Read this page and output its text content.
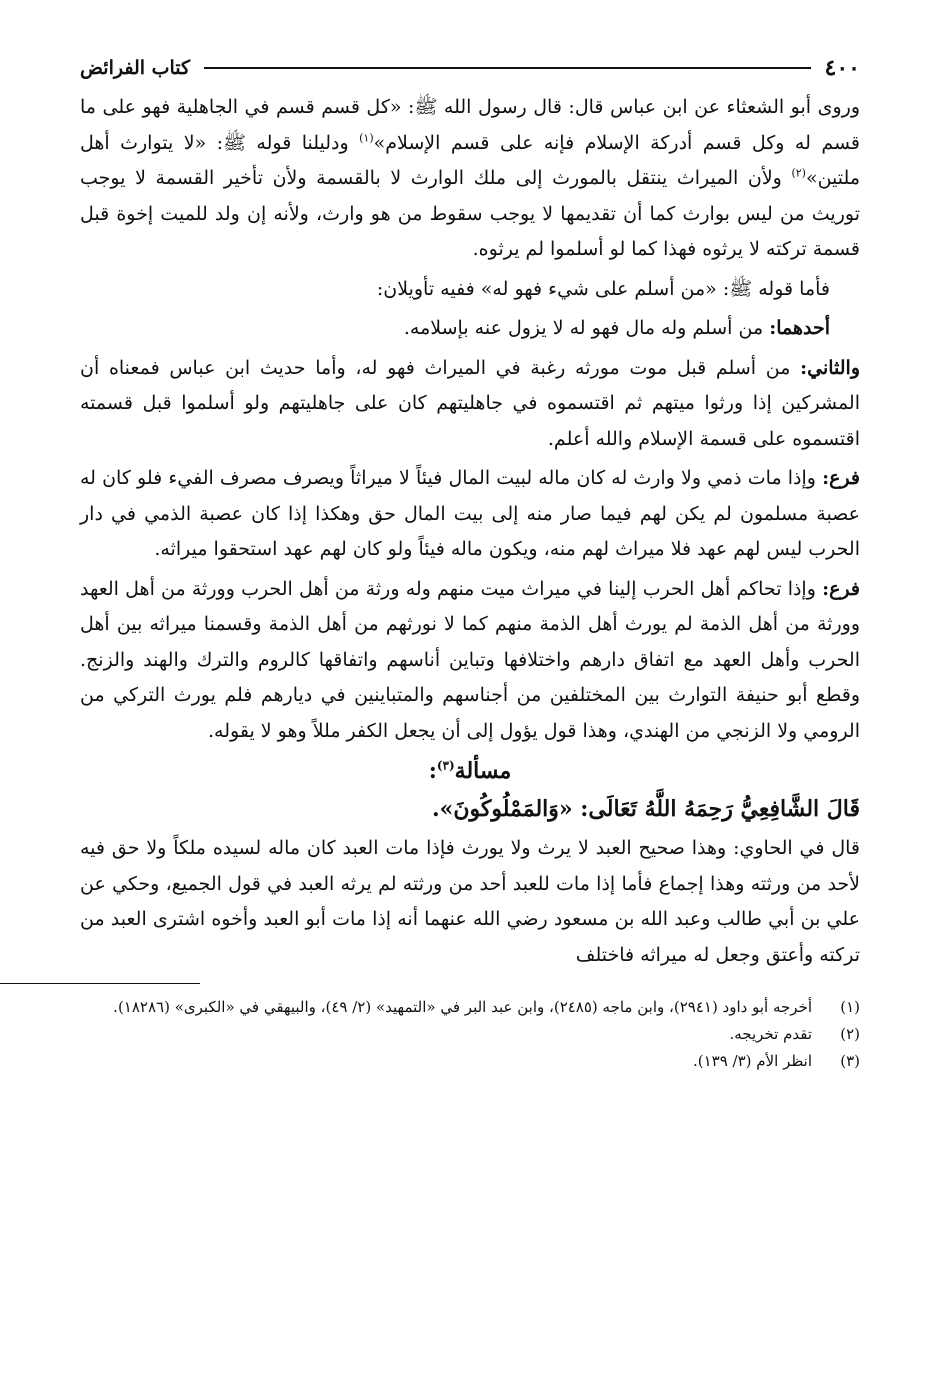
٤٠٠
كتاب الفرائض

وروى أبو الشعثاء عن ابن عباس قال: قال رسول الله ﷺ: «كل قسم قسم في الجاهلية فهو على ما قسم له وكل قسم أدركة الإسلام فإنه على قسم الإسلام»$^{(١)}$ ودليلنا قوله ﷺ: «لا يتوارث أهل ملتين»$^{(٢)}$ ولأن الميراث ينتقل بالمورث إلى ملك الوارث لا بالقسمة ولأن تأخير القسمة لا يوجب توريث من ليس بوارث كما أن تقديمها لا يوجب سقوط من هو وارث، ولأنه إن ولد للميت إخوة قبل قسمة تركته لا يرثوه فهذا كما لو أسلموا لم يرثوه.

فأما قوله ﷺ: «من أسلم على شيء فهو له» ففيه تأويلان:

أحدهما: من أسلم وله مال فهو له لا يزول عنه بإسلامه.

والثاني: من أسلم قبل موت مورثه رغبة في الميراث فهو له، وأما حديث ابن عباس فمعناه أن المشركين إذا ورثوا ميتهم ثم اقتسموه في جاهليتهم كان على جاهليتهم ولو أسلموا قبل قسمته اقتسموه على قسمة الإسلام والله أعلم.

فرع: وإذا مات ذمي ولا وارث له كان ماله لبيت المال فيئاً لا ميراثاً ويصرف مصرف الفيء فلو كان له عصبة مسلمون لم يكن لهم فيما صار منه إلى بيت المال حق وهكذا إذا كان عصبة الذمي في دار الحرب ليس لهم عهد فلا ميراث لهم منه، ويكون ماله فيئاً ولو كان لهم عهد استحقوا ميراثه.

فرع: وإذا تحاكم أهل الحرب إلينا في ميراث ميت منهم وله ورثة من أهل الحرب وورثة من أهل العهد وورثة من أهل الذمة لم يورث أهل الذمة منهم كما لا نورثهم من أهل الذمة وقسمنا ميراثه بين أهل الحرب وأهل العهد مع اتفاق دارهم واختلافها وتباين أناسهم واتفاقها كالروم والترك والهند والزنج. وقطع أبو حنيفة التوارث بين المختلفين من أجناسهم والمتباينين في ديارهم فلم يورث التركي من الرومي ولا الزنجي من الهندي، وهذا قول يؤول إلى أن يجعل الكفر مللاً وهو لا يقوله.

مسألة$^{(٣)}$:
قَالَ الشَّافِعِيُّ رَحِمَهُ اللَّهُ تَعَالَى: «وَالمَمْلُوكُونَ».

قال في الحاوي: وهذا صحيح العبد لا يرث ولا يورث فإذا مات العبد كان ماله لسيده ملكاً ولا حق فيه لأحد من ورثته وهذا إجماع فأما إذا مات للعبد أحد من ورثته لم يرثه العبد في قول الجميع، وحكي عن علي بن أبي طالب وعبد الله بن مسعود رضي الله عنهما أنه إذا مات أبو العبد وأخوه اشترى العبد من تركته وأعتق وجعل له ميراثه فاختلف

(١)
أخرجه أبو داود (٢٩٤١)، وابن ماجه (٢٤٨٥)، وابن عبد البر في «التمهيد» (٢/ ٤٩)، والبيهقي في «الكبرى» (١٨٢٨٦).
(٢)
تقدم تخريجه.
(٣)
انظر الأم (٣/ ١٣٩).
